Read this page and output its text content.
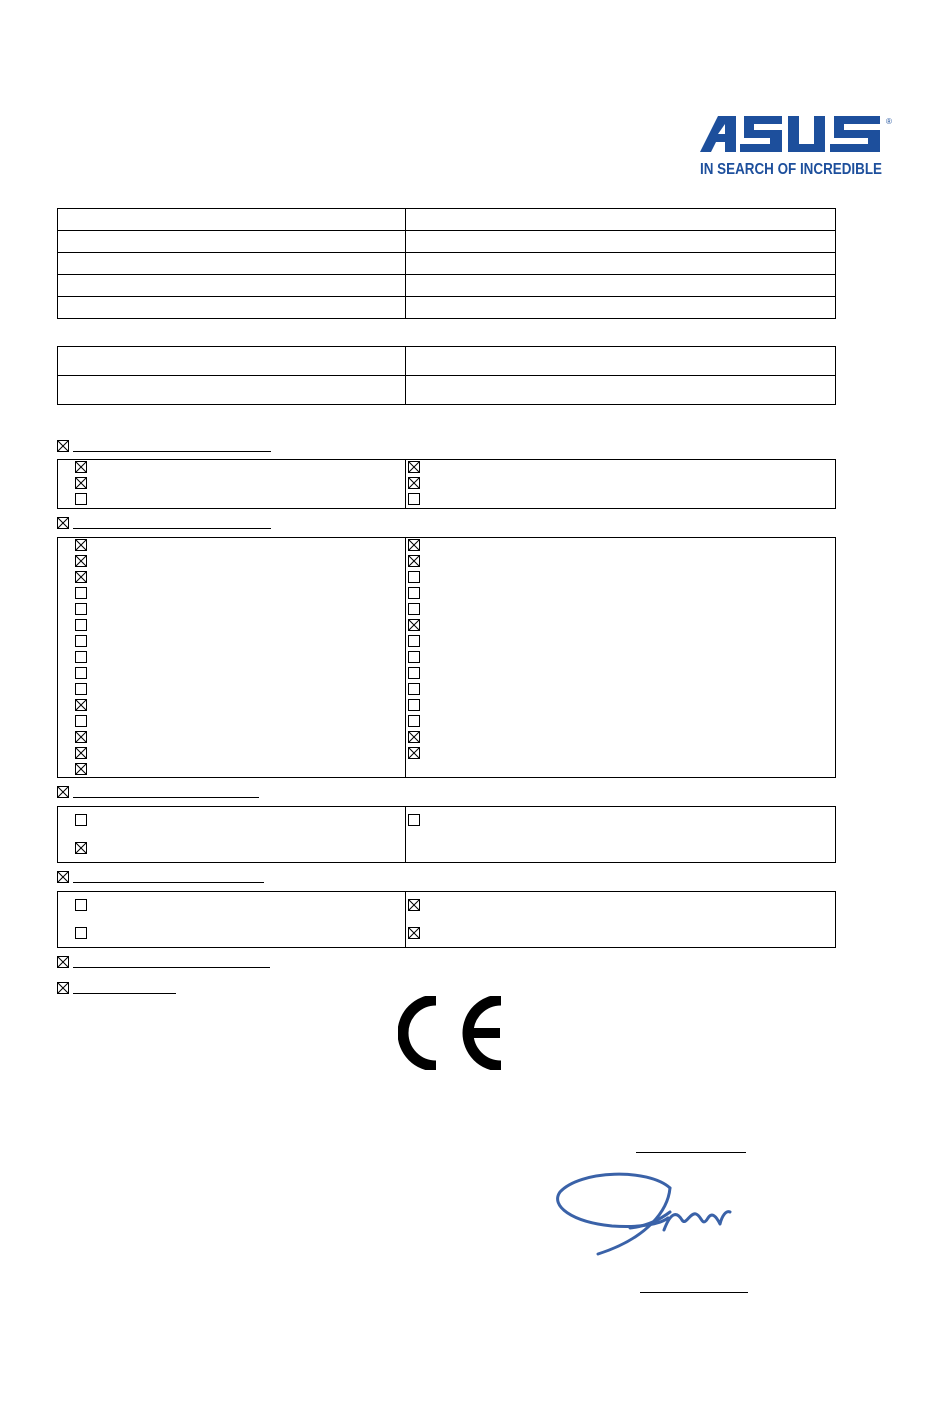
®
IN SEARCH OF INCREDIBLE
